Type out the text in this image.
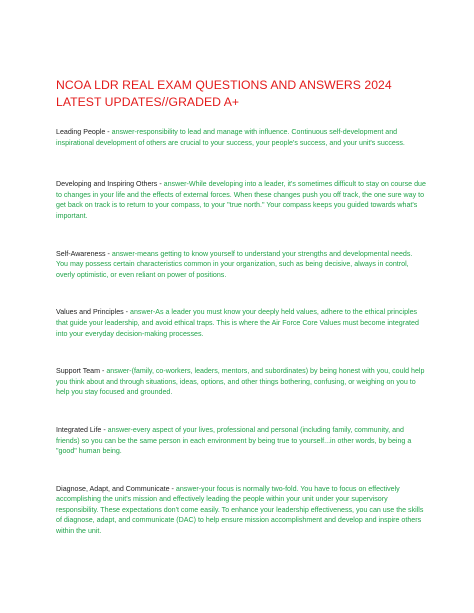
NCOA LDR REAL EXAM QUESTIONS AND ANSWERS 2024 LATEST UPDATES//GRADED A+

Leading People - answer-responsibility to lead and manage with influence. Continuous self-development and inspirational development of others are crucial to your success, your people's success, and your unit's success.

Developing and Inspiring Others - answer-While developing into a leader, it's sometimes difficult to stay on course due to changes in your life and the effects of external forces. When these changes push you off track, the one sure way to get back on track is to return to your compass, to your "true north." Your compass keeps you guided towards what's important.

Self-Awareness - answer-means getting to know yourself to understand your strengths and developmental needs. You may possess certain characteristics common in your organization, such as being decisive, always in control, overly optimistic, or even reliant on power of positions.

Values and Principles - answer-As a leader you must know your deeply held values, adhere to the ethical principles that guide your leadership, and avoid ethical traps. This is where the Air Force Core Values must become integrated into your everyday decision-making processes.

Support Team - answer-(family, co-workers, leaders, mentors, and subordinates) by being honest with you, could help you think about and through situations, ideas, options, and other things bothering, confusing, or weighing on you to help you stay focused and grounded.

Integrated Life - answer-every aspect of your lives, professional and personal (including family, community, and friends) so you can be the same person in each environment by being true to yourself...in other words, by being a "good" human being.

Diagnose, Adapt, and Communicate - answer-your focus is normally two-fold. You have to focus on effectively accomplishing the unit's mission and effectively leading the people within your unit under your supervisory responsibility. These expectations don't come easily. To enhance your leadership effectiveness, you can use the skills of diagnose, adapt, and communicate (DAC) to help ensure mission accomplishment and develop and inspire others within the unit.
